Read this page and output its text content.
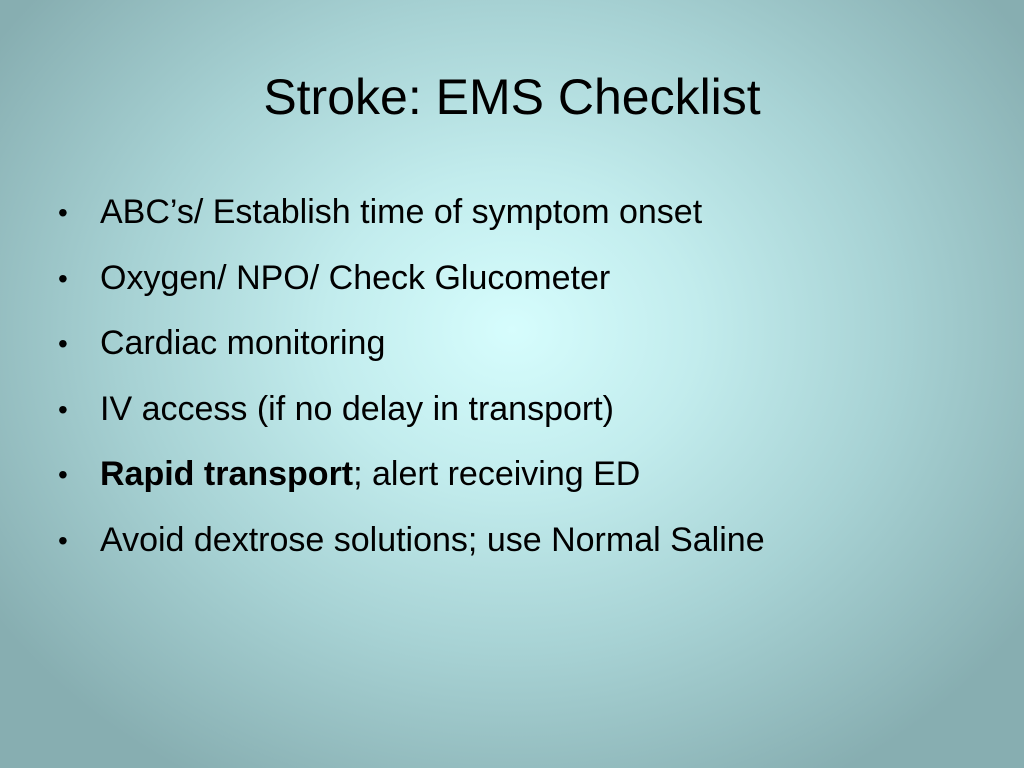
Stroke: EMS Checklist
• ABC’s/ Establish time of symptom onset
• Oxygen/ NPO/ Check Glucometer
• Cardiac monitoring
• IV access (if no delay in transport)
• Rapid transport; alert receiving ED
• Avoid dextrose solutions; use Normal Saline
